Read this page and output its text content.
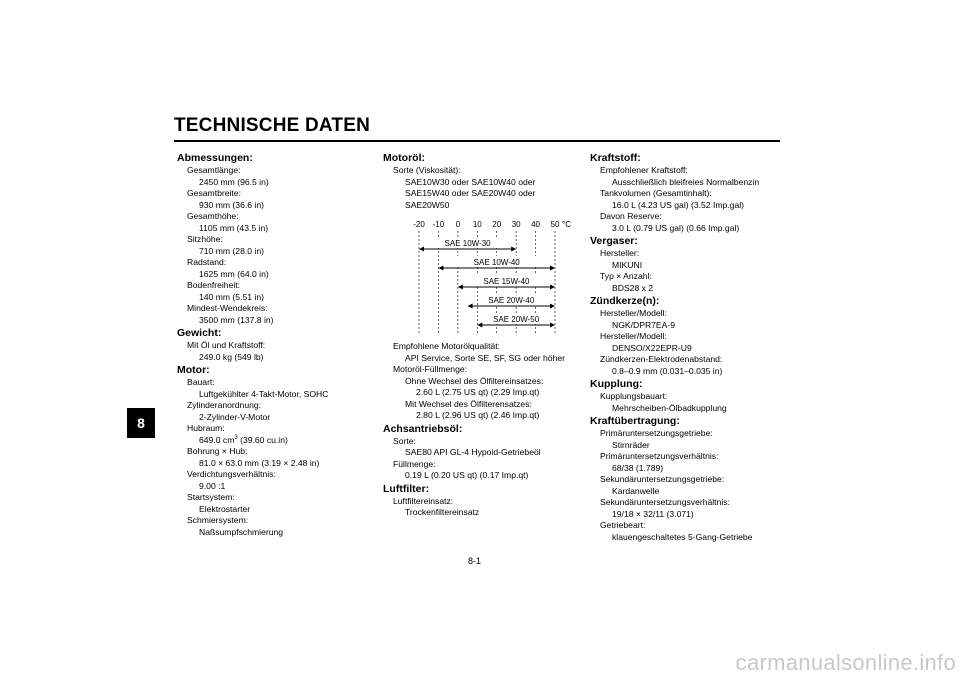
TECHNISCHE DATEN
8
Abmessungen:
Gesamtlänge:
2450 mm (96.5 in)
Gesamtbreite:
930 mm (36.6 in)
Gesamthöhe:
1105 mm (43.5 in)
Sitzhöhe:
710 mm (28.0 in)
Radstand:
1625 mm (64.0 in)
Bodenfreiheit:
140 mm (5.51 in)
Mindest-Wendekreis:
3500 mm (137.8 in)
Gewicht:
Mit Öl und Kraftstoff:
249.0 kg (549 lb)
Motor:
Bauart:
Luftgekühlter 4-Takt-Motor, SOHC
Zylinderanordnung:
2-Zylinder-V-Motor
Hubraum:
649.0 $cm^3$ (39.60 cu.in)
Bohrung × Hub:
81.0 × 63.0 mm (3.19 × 2.48 in)
Verdichtungsverhältnis:
9.00 :1
Startsystem:
Elektrostarter
Schmiersystem:
Naßsumpfschmierung
Motoröl:
Sorte (Viskosität):
SAE10W30 oder SAE10W40 oder
SAE15W40 oder SAE20W40 oder
SAE20W50
-20 -10 0 10 20 30 40 50 °C
SAE 10W-30
SAE 10W-40
SAE 15W-40
SAE 20W-40
SAE 20W-50
Empfohlene Motorölqualität:
API Service, Sorte SE, SF, SG oder höher
Motoröl-Füllmenge:
Ohne Wechsel des Ölfiltereinsatzes:
2.60 L (2.75 US qt) (2.29 Imp.qt)
Mit Wechsel des Ölfilterensatzes:
2.80 L (2.96 US qt) (2.46 Imp.qt)
Achsantriebsöl:
Sorte:
SAE80 API GL-4 Hypoid-Getriebeöl
Füllmenge:
0.19 L (0.20 US qt) (0.17 Imp.qt)
Luftfilter:
Luftfiltereinsatz:
Trockenfiltereinsatz
Kraftstoff:
Empfohlener Kraftstoff:
Ausschließlich bleifreies Normalbenzin
Tankvolumen (Gesamtinhalt):
16.0 L (4.23 US gal) (3.52 Imp.gal)
Davon Reserve:
3.0 L (0.79 US gal) (0.66 Imp.gal)
Vergaser:
Hersteller:
MIKUNI
Typ × Anzahl:
BDS28 x 2
Zündkerze(n):
Hersteller/Modell:
NGK/DPR7EA-9
Hersteller/Modell:
DENSO/X22EPR-U9
Zündkerzen-Elektrodenabstand:
0.8–0.9 mm (0.031–0.035 in)
Kupplung:
Kupplungsbauart:
Mehrscheiben-Ölbadkupplung
Kraftübertragung:
Primäruntersetzungsgetriebe:
Stirnräder
Primäruntersetzungsverhältnis:
68/38 (1.789)
Sekundäruntersetzungsgetriebe:
Kardanwelle
Sekundäruntersetzungsverhältnis:
19/18 × 32/11 (3.071)
Getriebeart:
klauengeschaltetes 5-Gang-Getriebe
8-1
carmanualsonline.info
